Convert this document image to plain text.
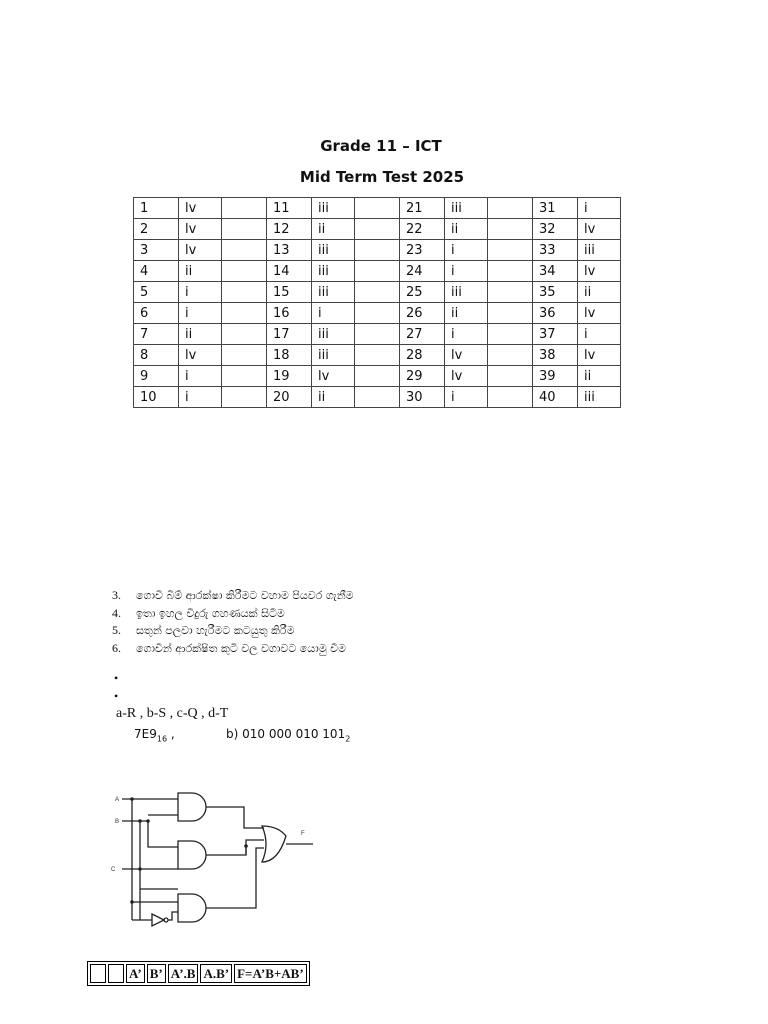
Grade 11 – ICT
Mid Term Test 2025
1	lv		11	iii		21	iii		31	i
2	lv		12	ii		22	ii		32	lv
3	lv		13	iii		23	i		33	iii
4	ii		14	iii		24	i		34	lv
5	i		15	iii		25	iii		35	ii
6	i		16	i		26	ii		36	lv
7	ii		17	iii		27	i		37	i
8	lv		18	iii		28	lv		38	lv
9	i		19	lv		29	lv		39	ii
10	i		20	ii		30	i		40	iii
3. ගොවි බිම් ආරක්ෂා කිරීමට වහාම පියවර ගැනීම
4. ඉතා ඉහල විදුරු ගහණයක් සිටීම
5. සතුන් පලවා හැරීමට කටයුතු කිරීම
6. ගොවීන් ආරක්ෂිත කුටි වල වගාවට යොමු වීම
•
•
a-R , b-S , c-Q , d-T
$7E9_{16}$ ,	b) 010 000 010 $101_2$
A
B
C
F
		A’	B’	A’.B	A.B’	F=A’B+AB’
